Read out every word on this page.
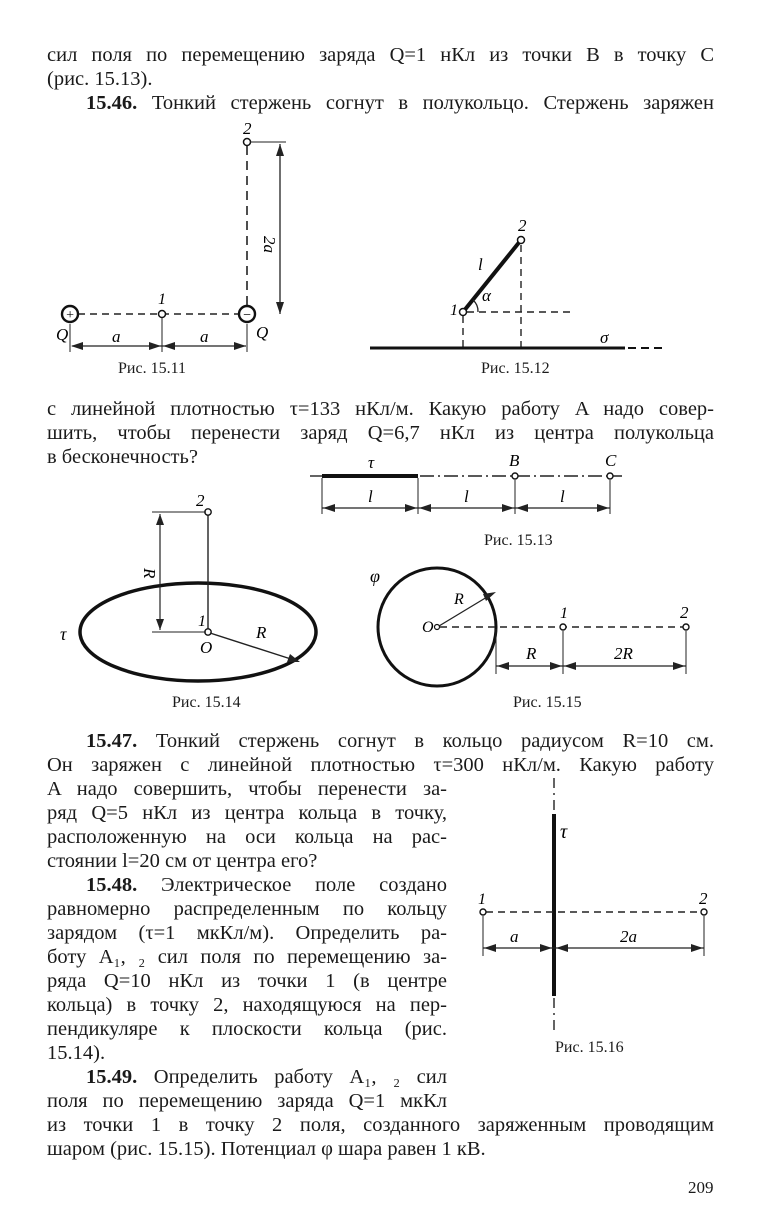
сил поля по перемещению заряда Q=1 нКл из точки B в точку C
(рис. 15.13).
15.46. Тонкий стержень согнут в полукольцо. Стержень заряжен
с линейной плотностью τ=133 нКл/м. Какую работу A надо совер-
шить, чтобы перенести заряд Q=6,7 нКл из центра полукольца
в бесконечность?
15.47. Тонкий стержень согнут в кольцо радиусом R=10 см.
Он заряжен с линейной плотностью τ=300 нКл/м. Какую работу
A надо совершить, чтобы перенести за-
ряд Q=5 нКл из центра кольца в точку,
расположенную на оси кольца на рас-
стоянии l=20 см от центра его?
15.48. Электрическое поле создано
равномерно распределенным по кольцу
зарядом (τ=1 мкКл/м). Определить ра-
боту A₁, ₂ сил поля по перемещению за-
ряда Q=10 нКл из точки 1 (в центре
кольца) в точку 2, находящуюся на пер-
пендикуляре к плоскости кольца (рис.
15.14).
15.49. Определить работу A₁, ₂ сил
поля по перемещению заряда Q=1 мкКл
из точки 1 в точку 2 поля, созданного заряженным проводящим
шаром (рис. 15.15). Потенциал φ шара равен 1 кВ.
209
+	−
2
1
Q	Q
2a
a	a
Рис. 15.11
α
l
2
1
σ
Рис. 15.12
τ	B	C
l	l	l
Рис. 15.13
R
R
2
1
O
τ
Рис. 15.14
φ
R
O
1	2
R	2R
Рис. 15.15
τ
1	2
a	2a
Рис. 15.16
